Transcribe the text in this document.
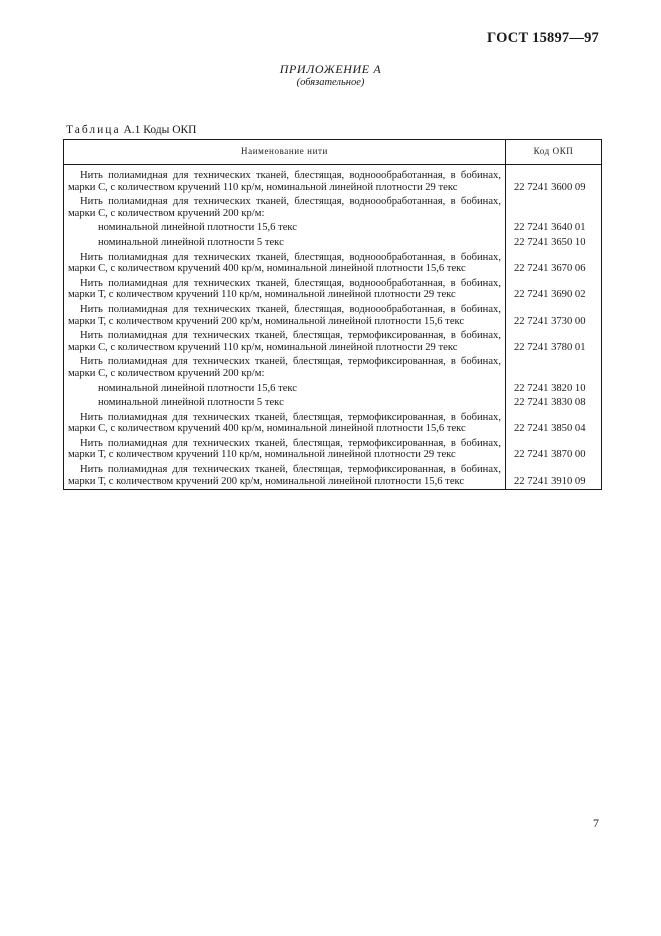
ГОСТ 15897—97
ПРИЛОЖЕНИЕ А
(обязательное)
Таблица А.1 Коды ОКП
Наименование нити	Код ОКП

Нить полиамидная для технических тканей, блестящая, водноообработанная, в бобинах, марки С, с количеством кручений 110 кр/м, номинальной линейной плотности 29 текс	22 7241 3600 09

Нить полиамидная для технических тканей, блестящая, водноообработанная, в бобинах, марки С, с количеством кручений 200 кр/м:	

номинальной линейной плотности 15,6 текс	22 7241 3640 01
номинальной линейной плотности 5 текс	22 7241 3650 10

Нить полиамидная для технических тканей, блестящая, водноообработанная, в бобинах, марки С, с количеством кручений 400 кр/м, номинальной линейной плотности 15,6 текс	22 7241 3670 06

Нить полиамидная для технических тканей, блестящая, водноообработанная, в бобинах, марки Т, с количеством кручений 110 кр/м, номинальной линейной плотности 29 текс	22 7241 3690 02

Нить полиамидная для технических тканей, блестящая, водноообработанная, в бобинах, марки Т, с количеством кручений 200 кр/м, номинальной линейной плотности 15,6 текс	22 7241 3730 00

Нить полиамидная для технических тканей, блестящая, термофиксированная, в бобинах, марки С, с количеством кручений 110 кр/м, номинальной линейной плотности 29 текс	22 7241 3780 01

Нить полиамидная для технических тканей, блестящая, термофиксированная, в бобинах, марки С, с количеством кручений 200 кр/м:	

номинальной линейной плотности 15,6 текс	22 7241 3820 10
номинальной линейной плотности 5 текс	22 7241 3830 08

Нить полиамидная для технических тканей, блестящая, термофиксированная, в бобинах, марки С, с количеством кручений 400 кр/м, номинальной линейной плотности 15,6 текс	22 7241 3850 04

Нить полиамидная для технических тканей, блестящая, термофиксированная, в бобинах, марки Т, с количеством кручений 110 кр/м, номинальной линейной плотности 29 текс	22 7241 3870 00

Нить полиамидная для технических тканей, блестящая, термофиксированная, в бобинах, марки Т, с количеством кручений 200 кр/м, номинальной линейной плотности 15,6 текс	22 7241 3910 09
7
